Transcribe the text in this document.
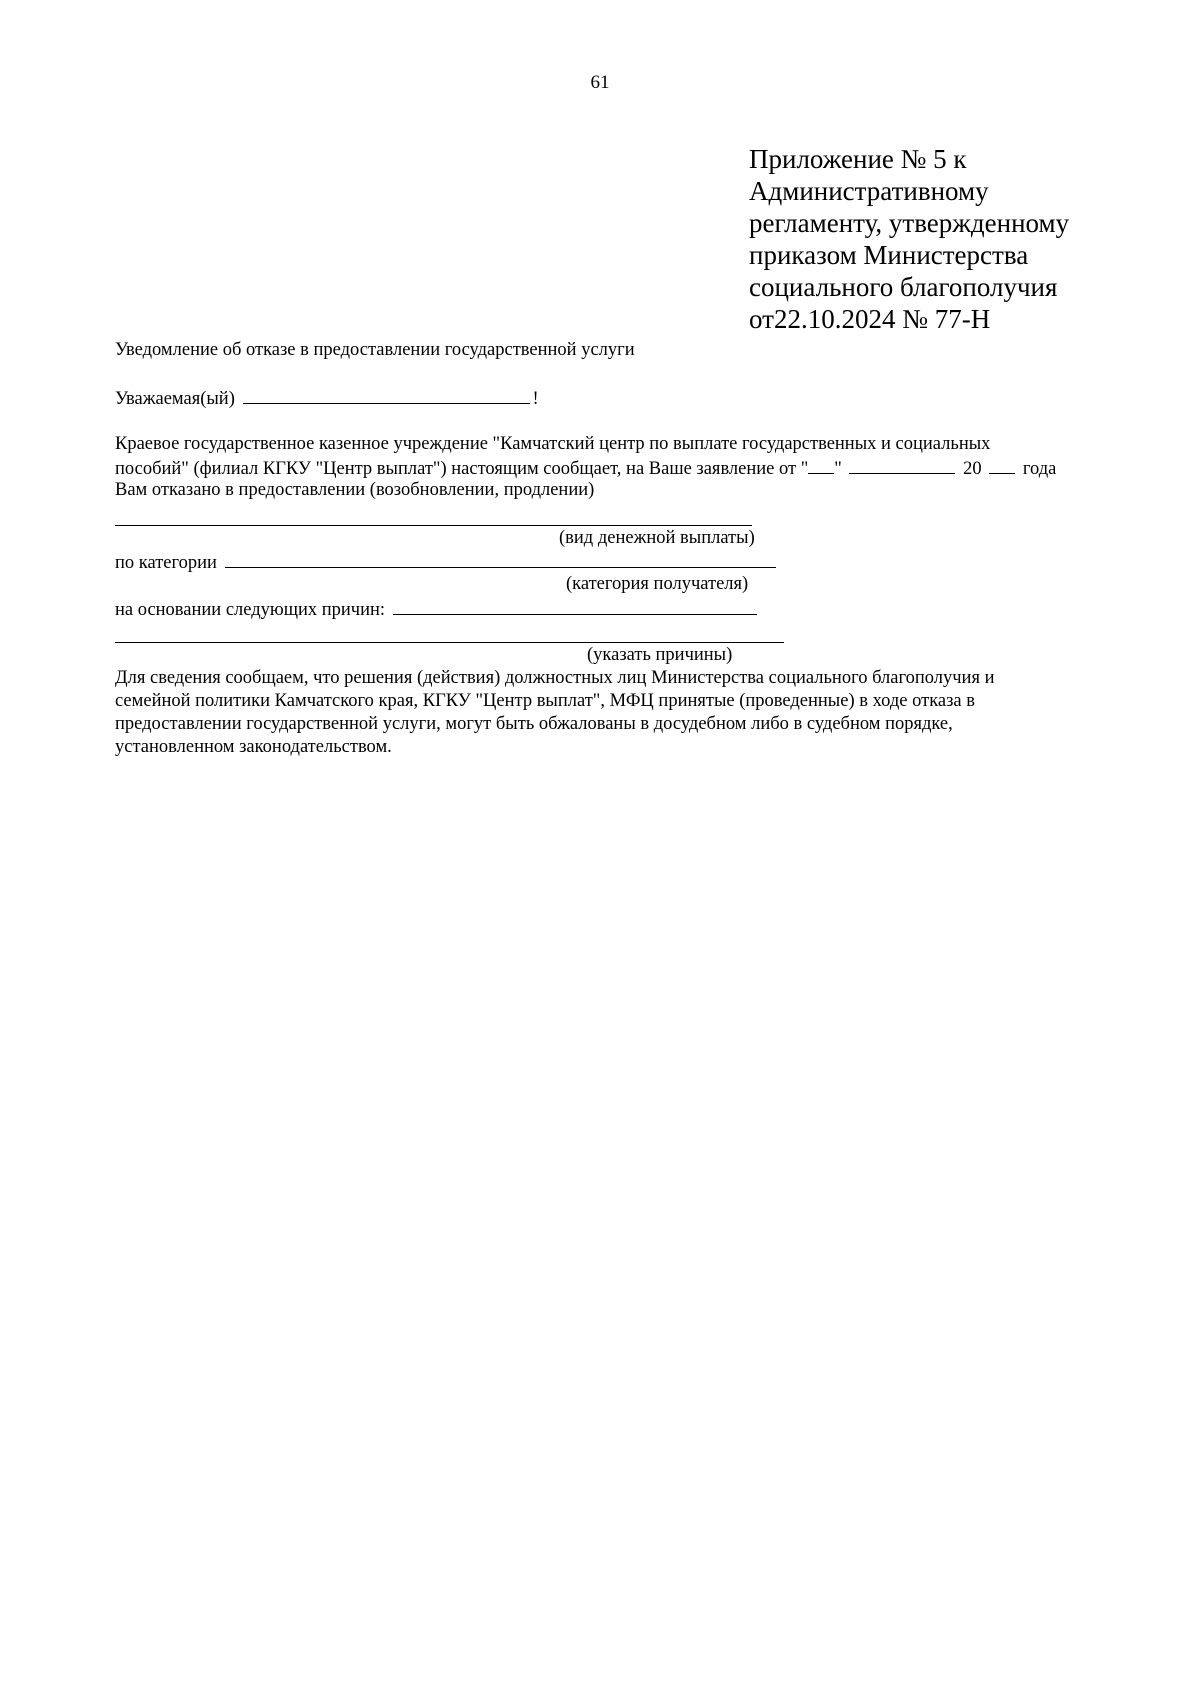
61
Приложение № 5 к
Административному
регламенту, утвержденному
приказом Министерства
социального благополучия
от22.10.2024 № 77-Н
Уведомление об отказе в предоставлении государственной услуги
Уважаемая(ый)	!
Краевое государственное казенное учреждение "Камчатский центр по выплате государственных и социальных
пособий" (филиал КГКУ "Центр выплат") настоящим сообщает, на Ваше заявление от " "	20 года
Вам отказано в предоставлении (возобновлении, продлении)
(вид денежной выплаты)
по категории
(категория получателя)
на основании следующих причин:
(указать причины)
Для сведения сообщаем, что решения (действия) должностных лиц Министерства социального благополучия и
семейной политики Камчатского края, КГКУ "Центр выплат", МФЦ принятые (проведенные) в ходе отказа в
предоставлении государственной услуги, могут быть обжалованы в досудебном либо в судебном порядке,
установленном законодательством.
